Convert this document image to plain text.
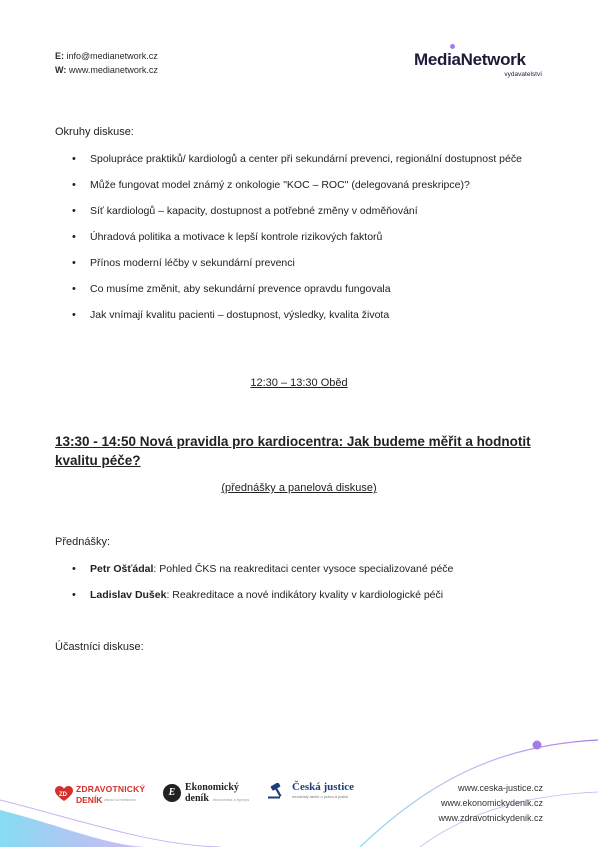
E: info@medianetwork.cz
W: www.medianetwork.cz
MediaNetwork
vydavatelství
Okruhy diskuse:
• Spolupráce praktiků/ kardiologů a center při sekundární prevenci, regionální dostupnost péče
• Může fungovat model známý z onkologie "KOC – ROC" (delegovaná preskripce)?
• Síť kardiologů – kapacity, dostupnost a potřebné změny v odměňování
• Úhradová politika a motivace k lepší kontrole rizikových faktorů
• Přínos moderní léčby v sekundární prevenci
• Co musíme změnit, aby sekundární prevence opravdu fungovala
• Jak vnímají kvalitu pacienti – dostupnost, výsledky, kvalita života
12:30 – 13:30 Oběd
13:30 - 14:50 Nová pravidla pro kardiocentra: Jak budeme měřit a hodnotit kvalitu péče?
(přednášky a panelová diskuse)
Přednášky:
• Petr Ošťádal: Pohled ČKS na reakreditaci center vysoce specializované péče
• Ladislav Dušek: Reakreditace a nové indikátory kvality v kardiologické péči
Účastníci diskuse:
ZD
ZDRAVOTNICKÝ
DENÍK zdraví a medicína
E Ekonomický
deník ekonomika a byznys
Česká justice
nezávislý deník o právu a justici
www.ceska-justice.cz
www.ekonomickydenik.cz
www.zdravotnickydenik.cz
